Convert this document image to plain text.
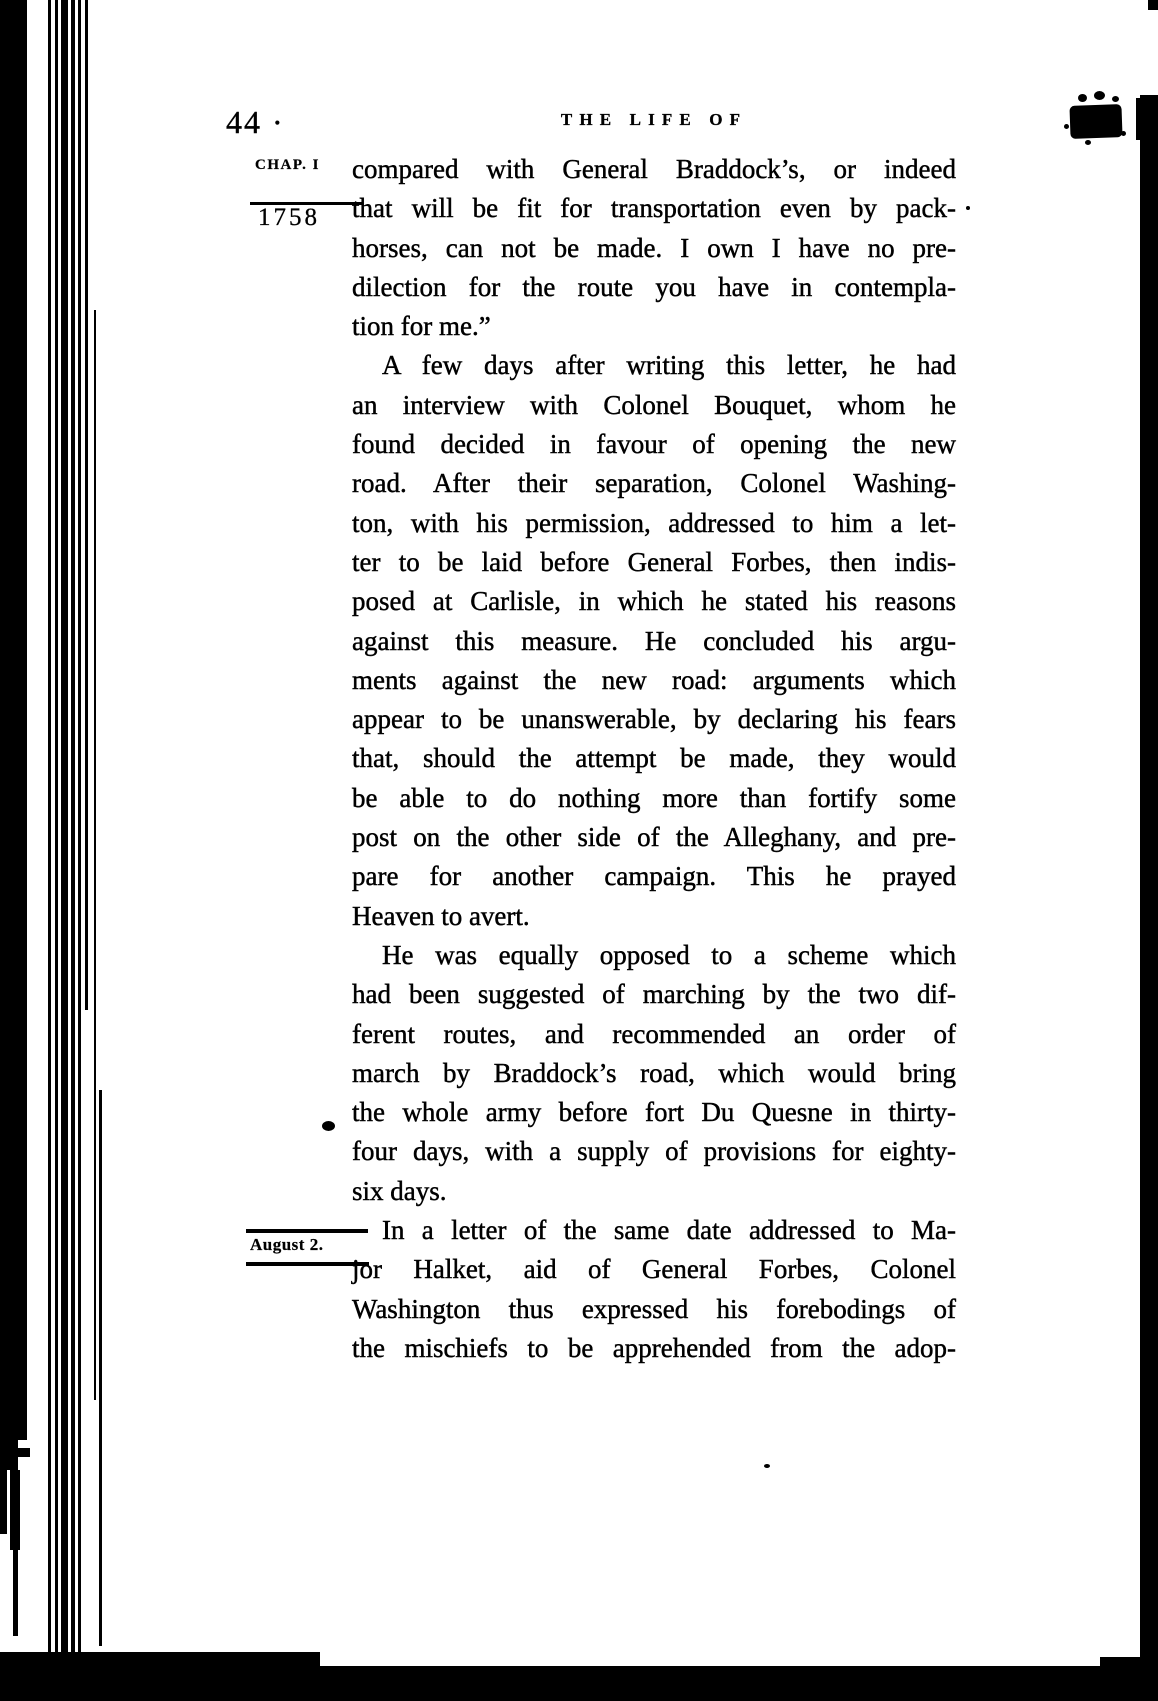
44 ·	THE LIFE OF
CHAP. I
1758
August 2.
compared with General Braddock’s, or indeed
that will be fit for transportation even by pack-
horses, can not be made. I own I have no pre-
dilection for the route you have in contempla-
tion for me.”
A few days after writing this letter, he had
an interview with Colonel Bouquet, whom he
found decided in favour of opening the new
road. After their separation, Colonel Washing-
ton, with his permission, addressed to him a let-
ter to be laid before General Forbes, then indis-
posed at Carlisle, in which he stated his reasons
against this measure. He concluded his argu-
ments against the new road: arguments which
appear to be unanswerable, by declaring his fears
that, should the attempt be made, they would
be able to do nothing more than fortify some
post on the other side of the Alleghany, and pre-
pare for another campaign. This he prayed
Heaven to avert.
He was equally opposed to a scheme which
had been suggested of marching by the two dif-
ferent routes, and recommended an order of
march by Braddock’s road, which would bring
the whole army before fort Du Quesne in thirty-
four days, with a supply of provisions for eighty-
six days.
In a letter of the same date addressed to Ma-
jor Halket, aid of General Forbes, Colonel
Washington thus expressed his forebodings of
the mischiefs to be apprehended from the adop-
